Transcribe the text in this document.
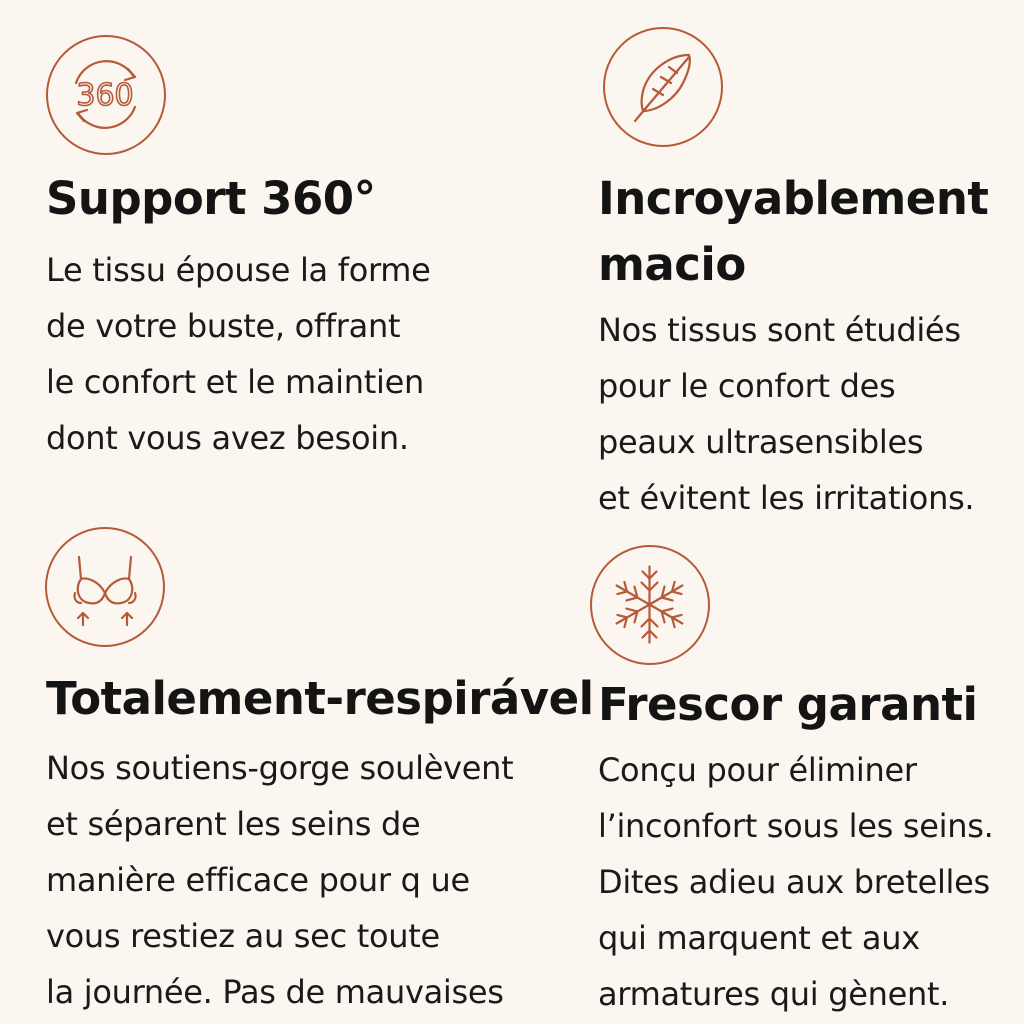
360
Support 360°
Le tissu épouse la forme
de votre buste, offrant
le confort et le maintien
dont vous avez besoin.
Incroyablement
macio
Nos tissus sont étudiés
pour le confort des
peaux ultrasensibles
et évitent les irritations.
Totalement-respirável
Nos soutiens-gorge soulèvent
et séparent les seins de
manière efficace pour q ue
vous restiez au sec toute
la journée. Pas de mauvaises
Frescor garanti
Conçu pour éliminer
l’inconfort sous les seins.
Dites adieu aux bretelles
qui marquent et aux
armatures qui gènent.
